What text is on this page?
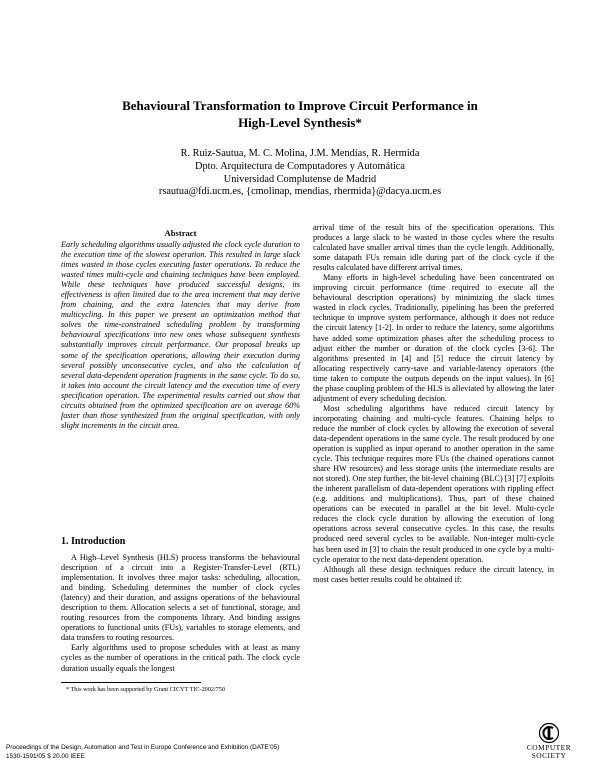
Behavioural Transformation to Improve Circuit Performance in
High-Level Synthesis*
R. Ruiz-Sautua, M. C. Molina, J.M. Mendías, R. Hermida
Dpto. Arquitectura de Computadores y Automática
Universidad Complutense de Madrid
rsautua@fdi.ucm.es, {cmolinap, mendias, rhermida}@dacya.ucm.es
Abstract

Early scheduling algorithms usually adjusted the clock cycle duration to the execution time of the slowest operation. This resulted in large slack times wasted in those cycles executing faster operations. To reduce the wasted times multi-cycle and chaining techniques have been employed. While these techniques have produced successful designs, its effectiveness is often limited due to the area increment that may derive from chaining, and the extra latencies that may derive from multicycling. In this paper we present an optimization method that solves the time-constrained scheduling problem by transforming behavioural specifications into new ones whose subsequent synthesis substantially improves circuit performance. Our proposal breaks up some of the specification operations, allowing their execution during several possibly unconsecutive cycles, and also the calculation of several data-dependent operation fragments in the same cycle. To do so, it takes into account the circuit latency and the execution time of every specification operation. The experimental results carried out show that circuits obtained from the optimized specification are on average 60% faster than those synthesized from the original specification, with only slight increments in the circuit area.

1. Introduction

A High–Level Synthesis (HLS) process transforms the behavioural description of a circuit into a Register-Transfer-Level (RTL) implementation. It involves three major tasks: scheduling, allocation, and binding. Scheduling determines the number of clock cycles (latency) and their duration, and assigns operations of the behavioural description to them. Allocation selects a set of functional, storage, and routing resources from the components library. And binding assigns operations to functional units (FUs), variables to storage elements, and data transfers to routing resources.

Early algorithms used to propose schedules with at least as many cycles as the number of operations in the critical path. The clock cycle duration usually equals the longest

* This work has been supported by Grant CICYT TIC-2002/750

arrival time of the result bits of the specification operations. This produces a large slack to be wasted in those cycles where the results calculated have smaller arrival times than the cycle length. Additionally, some datapath FUs remain idle during part of the clock cycle if the results calculated have different arrival times.

Many efforts in high-level scheduling have been concentrated on improving circuit performance (time required to execute all the behavioural description operations) by minimizing the slack times wasted in clock cycles. Traditionally, pipelining has been the preferred technique to improve system performance, although it does not reduce the circuit latency [1-2]. In order to reduce the latency, some algorithms have added some optimization phases after the scheduling process to adjust either the number or duration of the clock cycles [3-6]. The algorithms presented in [4] and [5] reduce the circuit latency by allocating respectively carry-save and variable-latency operators (the time taken to compute the outputs depends on the input values). In [6] the phase coupling problem of the HLS is alleviated by allowing the later adjustment of every scheduling decision.

Most scheduling algorithms have reduced circuit latency by incorporating chaining and multi-cycle features. Chaining helps to reduce the number of clock cycles by allowing the execution of several data-dependent operations in the same cycle. The result produced by one operation is supplied as input operand to another operation in the same cycle. This technique requires more FUs (the chained operations cannot share HW resources) and less storage units (the intermediate results are not stored). One step further, the bit-level chaining (BLC) [3] [7] exploits the inherent parallelism of data-dependent operations with rippling effect (e.g. additions and multiplications). Thus, part of these chained operations can be executed in parallel at the bit level. Multi-cycle reduces the clock cycle duration by allowing the execution of long operations across several consecutive cycles. In this case, the results produced need several cycles to be available. Non-integer multi-cycle has been used in [3] to chain the result produced in one cycle by a multi-cycle operator to the next data-dependent operation.

Although all these design techniques reduce the circuit latency, in most cases better results could be obtained if:

Proceedings of the Design, Automation and Test in Europe Conference and Exhibition (DATE’05)
1530-1591/05 $ 20.00 IEEE
COMPUTER
SOCIETY
